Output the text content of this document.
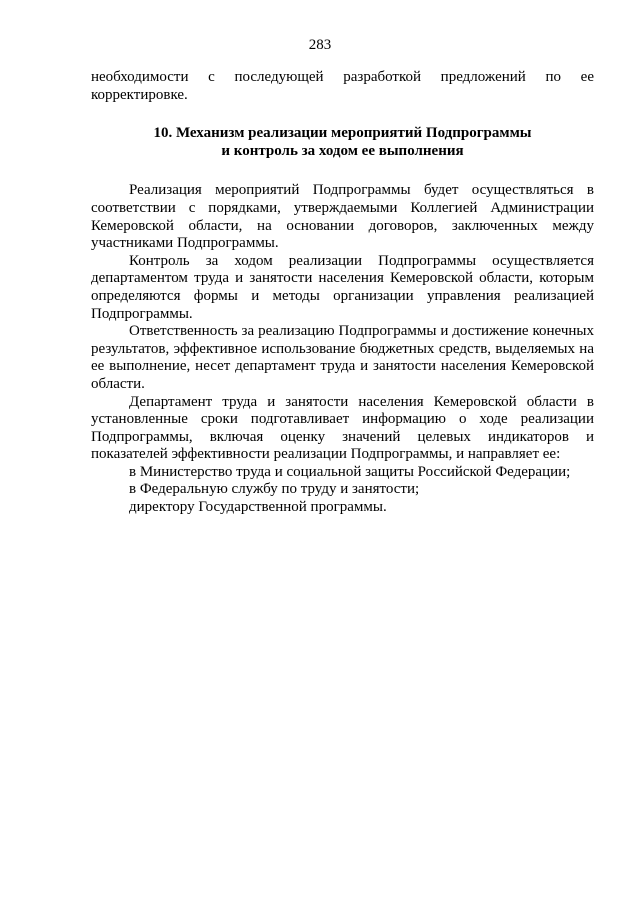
283

необходимости с последующей разработкой предложений по ее корректировке.

10. Механизм реализации мероприятий Подпрограммы
и контроль за ходом ее выполнения

Реализация мероприятий Подпрограммы будет осуществляться в соответствии с порядками, утверждаемыми Коллегией Администрации Кемеровской области, на основании договоров, заключенных между участниками Подпрограммы.

Контроль за ходом реализации Подпрограммы осуществляется департаментом труда и занятости населения Кемеровской области, которым определяются формы и методы организации управления реализацией Подпрограммы.

Ответственность за реализацию Подпрограммы и достижение конечных результатов, эффективное использование бюджетных средств, выделяемых на ее выполнение, несет департамент труда и занятости населения Кемеровской области.

Департамент труда и занятости населения Кемеровской области в установленные сроки подготавливает информацию о ходе реализации Подпрограммы, включая оценку значений целевых индикаторов и показателей эффективности реализации Подпрограммы, и направляет ее:

в Министерство труда и социальной защиты Российской Федерации;

в Федеральную службу по труду и занятости;

директору Государственной программы.
